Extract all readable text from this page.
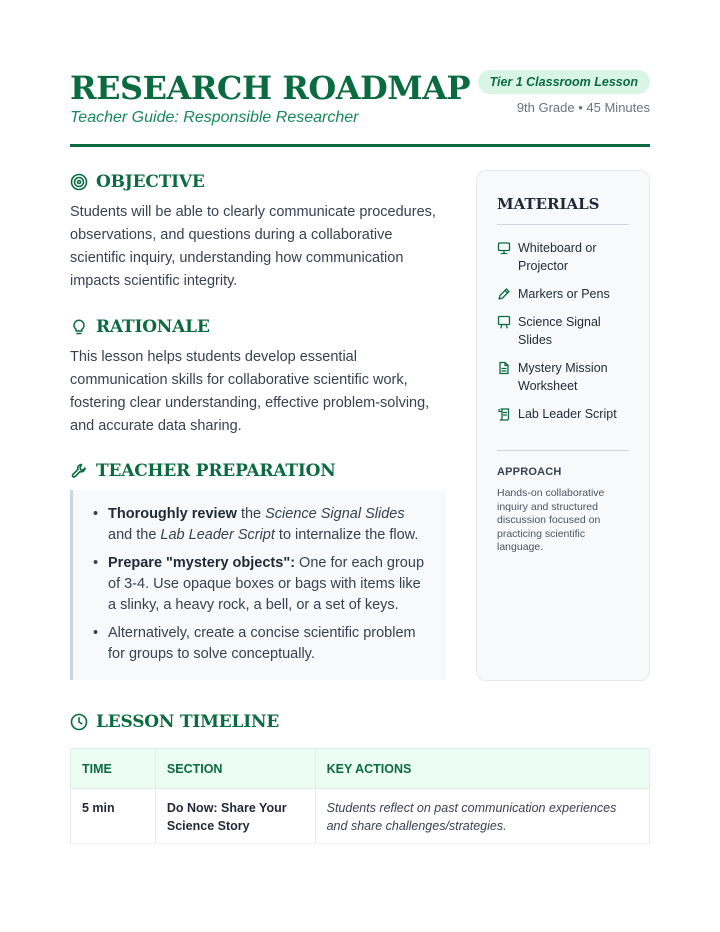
RESEARCH ROADMAP
Teacher Guide: Responsible Researcher
Tier 1 Classroom Lesson
9th Grade • 45 Minutes
OBJECTIVE
Students will be able to clearly communicate procedures, observations, and questions during a collaborative scientific inquiry, understanding how communication impacts scientific integrity.
RATIONALE
This lesson helps students develop essential communication skills for collaborative scientific work, fostering clear understanding, effective problem-solving, and accurate data sharing.
TEACHER PREPARATION
• Thoroughly review the Science Signal Slides and the Lab Leader Script to internalize the flow.
• Prepare "mystery objects": One for each group of 3-4. Use opaque boxes or bags with items like a slinky, a heavy rock, a bell, or a set of keys.
• Alternatively, create a concise scientific problem for groups to solve conceptually.
MATERIALS
Whiteboard or Projector
Markers or Pens
Science Signal Slides
Mystery Mission Worksheet
Lab Leader Script
APPROACH
Hands-on collaborative inquiry and structured discussion focused on practicing scientific language.
LESSON TIMELINE
TIME	SECTION	KEY ACTIONS
5 min	Do Now: Share Your Science Story	Students reflect on past communication experiences and share challenges/strategies.
